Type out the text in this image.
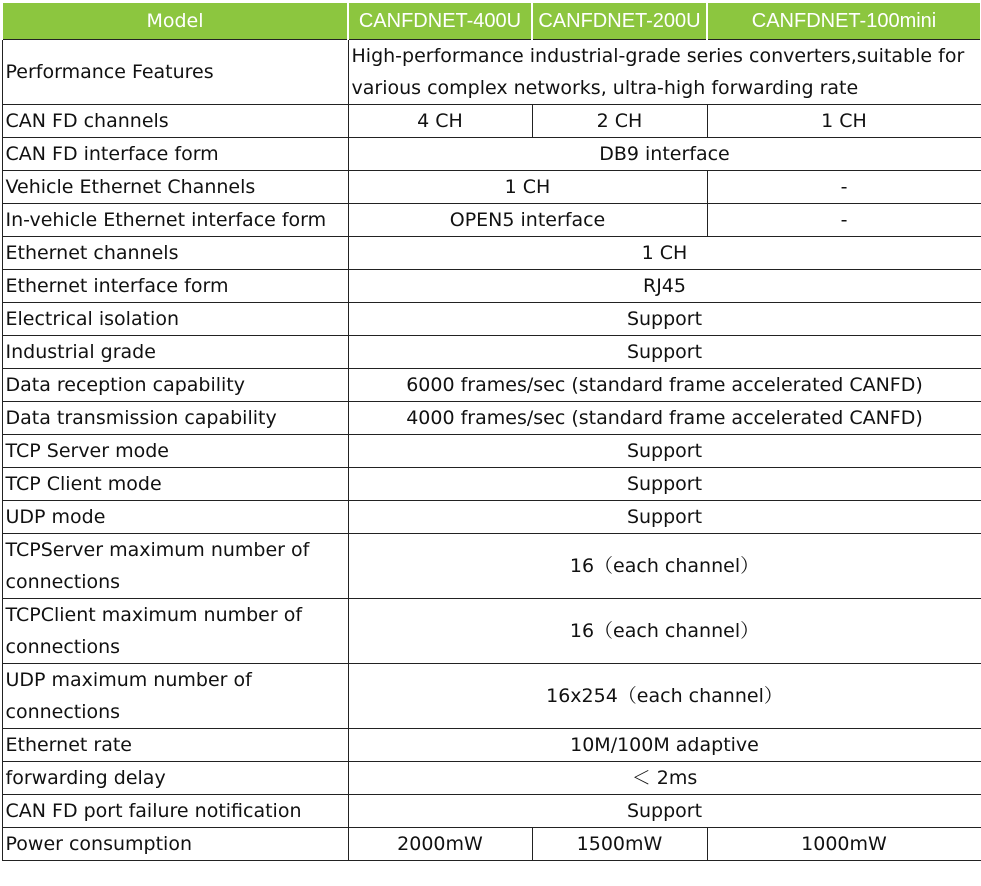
Model	CANFDNET-400U	CANFDNET-200U	CANFDNET-100mini
Performance Features	High-performance industrial-grade series converters,suitable for various complex networks, ultra-high forwarding rate		
CAN FD channels	4 CH	2 CH	1 CH
CAN FD interface form	DB9 interface		
Vehicle Ethernet Channels	1 CH		-
In-vehicle Ethernet interface form	OPEN5 interface		-
Ethernet channels	1 CH		
Ethernet interface form	RJ45		
Electrical isolation	Support		
Industrial grade	Support		
Data reception capability	6000 frames/sec (standard frame accelerated CANFD)		
Data transmission capability	4000 frames/sec (standard frame accelerated CANFD)		
TCP Server mode	Support		
TCP Client mode	Support		
UDP mode	Support		
TCPServer maximum number of connections	16（each channel）		
TCPClient maximum number of connections	16（each channel）		
UDP maximum number of connections	16x254（each channel）		
Ethernet rate	10M/100M adaptive		
forwarding delay	＜ 2ms		
CAN FD port failure notification	Support		
Power consumption	2000mW	1500mW	1000mW
